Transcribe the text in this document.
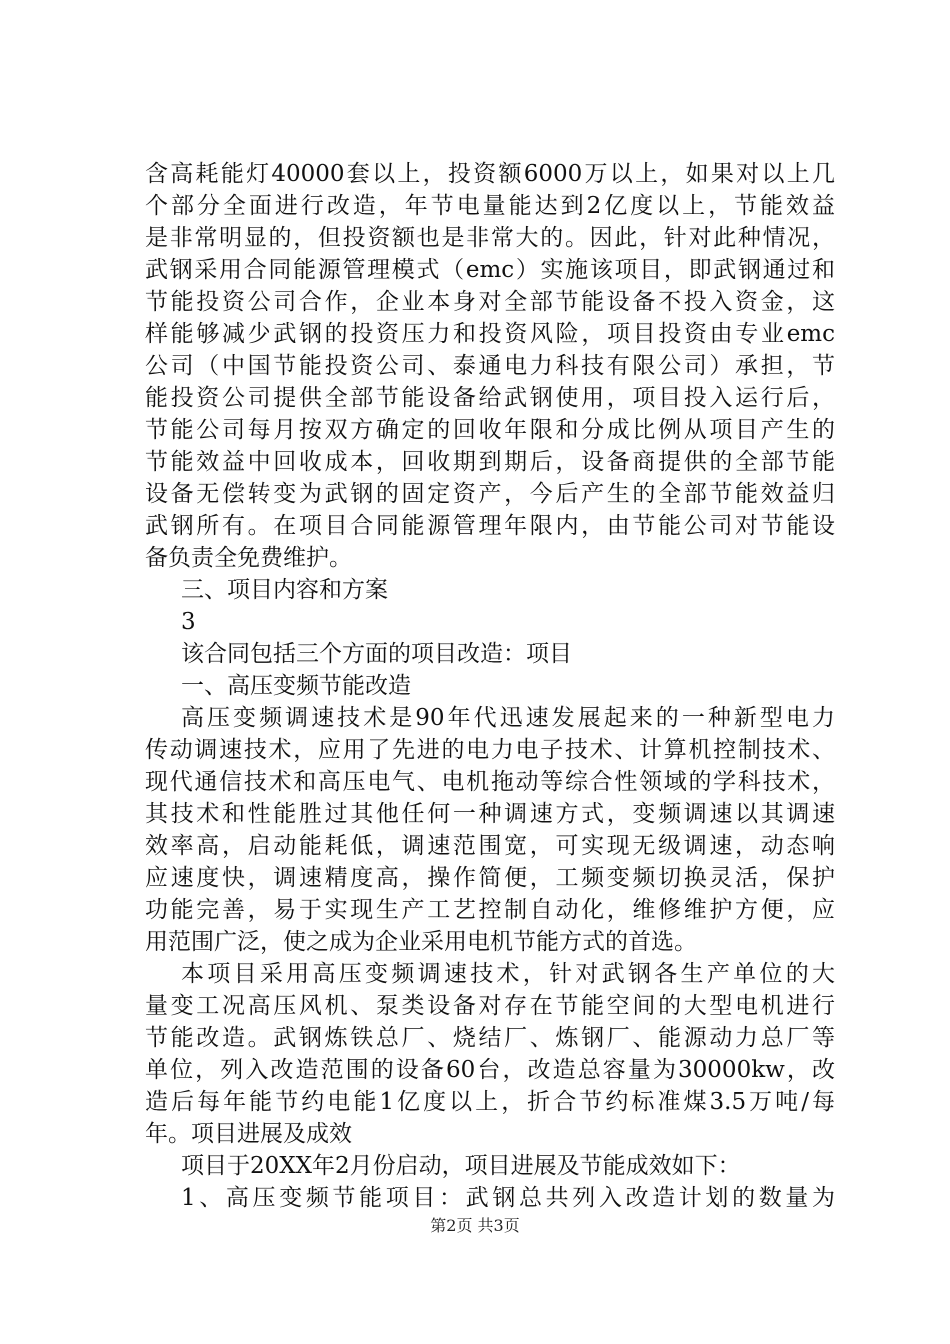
含高耗能灯40000套以上，投资额6000万以上，如果对以上几
个部分全面进行改造，年节电量能达到2亿度以上，节能效益
是非常明显的，但投资额也是非常大的。因此，针对此种情况，
武钢采用合同能源管理模式（emc）实施该项目，即武钢通过和
节能投资公司合作，企业本身对全部节能设备不投入资金，这
样能够减少武钢的投资压力和投资风险，项目投资由专业emc
公司（中国节能投资公司、泰通电力科技有限公司）承担，节
能投资公司提供全部节能设备给武钢使用，项目投入运行后，
节能公司每月按双方确定的回收年限和分成比例从项目产生的
节能效益中回收成本，回收期到期后，设备商提供的全部节能
设备无偿转变为武钢的固定资产，今后产生的全部节能效益归
武钢所有。在项目合同能源管理年限内，由节能公司对节能设
备负责全免费维护。
三、项目内容和方案
3
该合同包括三个方面的项目改造：项目
一、高压变频节能改造
高压变频调速技术是90年代迅速发展起来的一种新型电力
传动调速技术，应用了先进的电力电子技术、计算机控制技术、
现代通信技术和高压电气、电机拖动等综合性领域的学科技术，
其技术和性能胜过其他任何一种调速方式，变频调速以其调速
效率高，启动能耗低，调速范围宽，可实现无级调速，动态响
应速度快，调速精度高，操作简便，工频变频切换灵活，保护
功能完善，易于实现生产工艺控制自动化，维修维护方便，应
用范围广泛，使之成为企业采用电机节能方式的首选。
本项目采用高压变频调速技术，针对武钢各生产单位的大
量变工况高压风机、泵类设备对存在节能空间的大型电机进行
节能改造。武钢炼铁总厂、烧结厂、炼钢厂、能源动力总厂等
单位，列入改造范围的设备60台，改造总容量为30000kw，改
造后每年能节约电能1亿度以上，折合节约标准煤3.5万吨/每
年。项目进展及成效
项目于20XX年2月份启动，项目进展及节能成效如下：
1、高压变频节能项目：武钢总共列入改造计划的数量为
第2页 共3页
